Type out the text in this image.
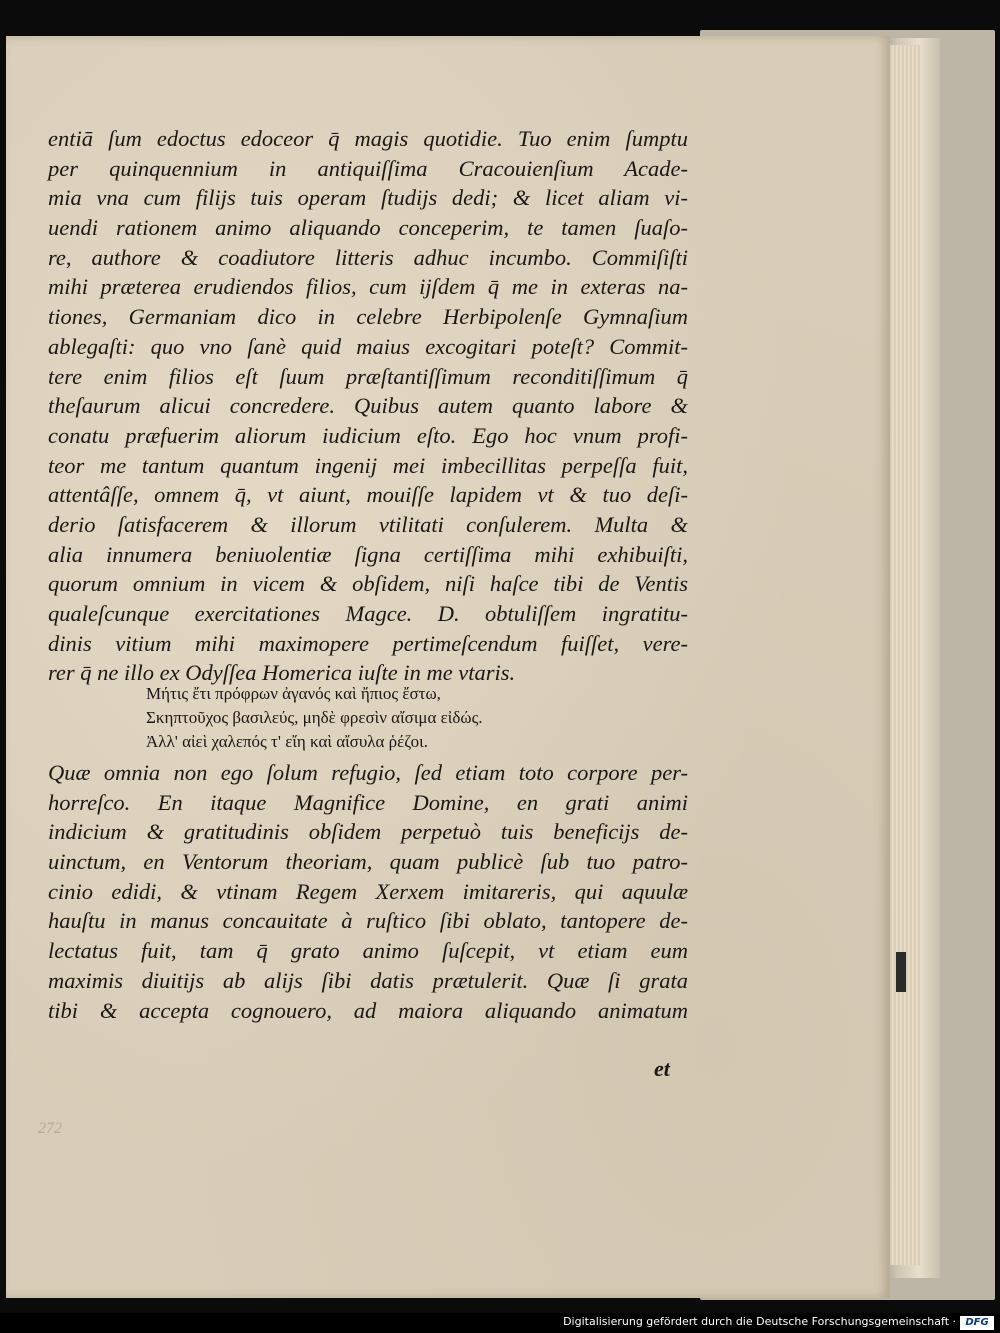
entiā ſum edoctus edoceor q̄ magis quotidie. Tuo enim ſumptu
per quinquennium in antiquiſſima Cracouienſium Acade-
mia vna cum filijs tuis operam ſtudijs dedi; & licet aliam vi-
uendi rationem animo aliquando conceperim, te tamen ſuaſo-
re, authore & coadiutore litteris adhuc incumbo. Commiſiſti
mihi præterea erudiendos filios, cum ijſdem q̄ me in exteras na-
tiones, Germaniam dico in celebre Herbipolenſe Gymnaſium
ablegaſti: quo vno ſanè quid maius excogitari poteſt? Commit-
tere enim filios eſt ſuum præſtantiſſimum reconditiſſimum q̄
theſaurum alicui concredere. Quibus autem quanto labore &
conatu præfuerim aliorum iudicium eſto. Ego hoc vnum profi-
teor me tantum quantum ingenij mei imbecillitas perpeſſa fuit,
attentâſſe, omnem q̄, vt aiunt, mouiſſe lapidem vt & tuo deſi-
derio ſatisfacerem & illorum vtilitati conſulerem. Multa &
alia innumera beniuolentiæ ſigna certiſſima mihi exhibuiſti,
quorum omnium in vicem & obſidem, niſi haſce tibi de Ventis
qualeſcunque exercitationes Magce. D. obtuliſſem ingratitu-
dinis vitium mihi maximopere pertimeſcendum fuiſſet, vere-
rer q̄ ne illo ex Odyſſea Homerica iuſte in me vtaris.
Μήτις ἔτι πρόφρων ἀγανός καὶ ἤπιος ἔστω,
Σκηπτοῦχος βασιλεύς, μηδὲ φρεσὶν αἴσιμα εἰδώς.
Ἀλλ' αἰεὶ χαλεπός τ' εἴη καὶ αἴσυλα ῥέζοι.
Quæ omnia non ego ſolum refugio, ſed etiam toto corpore per-
horreſco. En itaque Magnifice Domine, en grati animi
indicium & gratitudinis obſidem perpetuò tuis beneficijs de-
uinctum, en Ventorum theoriam, quam publicè ſub tuo patro-
cinio edidi, & vtinam Regem Xerxem imitareris, qui aquulæ
hauſtu in manus concauitate à ruſtico ſibi oblato, tantopere de-
lectatus fuit, tam q̄ grato animo ſuſcepit, vt etiam eum
maximis diuitijs ab alijs ſibi datis prætulerit. Quæ ſi grata
tibi & accepta cognouero, ad maiora aliquando animatum
et
272
Digitalisierung gefördert durch die Deutsche Forschungsgemeinschaft · DFG
